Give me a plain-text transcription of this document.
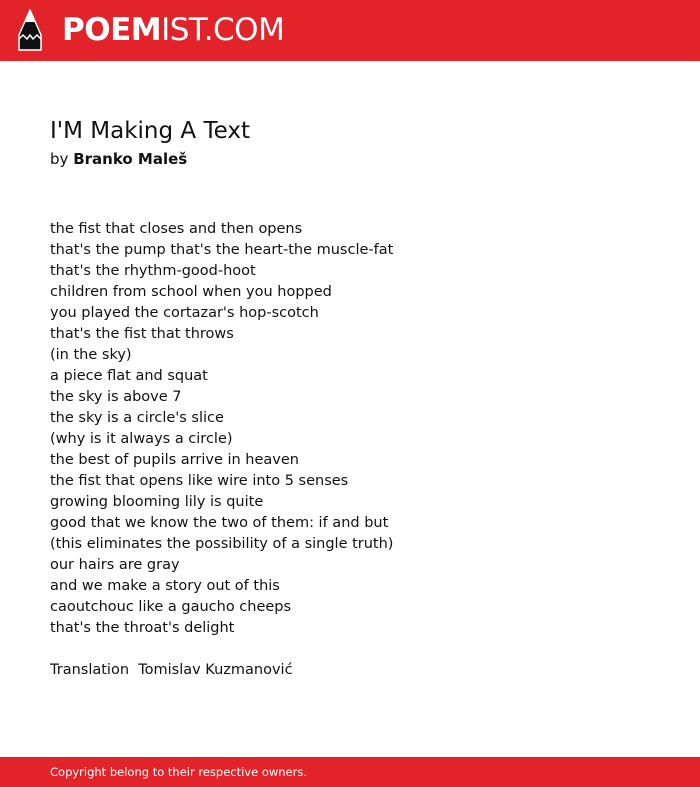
POEMIST.COM
I'M Making A Text
by Branko Maleš
the fist that closes and then opens
that's the pump that's the heart-the muscle-fat
that's the rhythm-good-hoot
children from school when you hopped
you played the cortazar's hop-scotch
that's the fist that throws
(in the sky)
a piece flat and squat
the sky is above 7
the sky is a circle's slice
(why is it always a circle)
the best of pupils arrive in heaven
the fist that opens like wire into 5 senses
growing blooming lily is quite
good that we know the two of them: if and but
(this eliminates the possibility of a single truth)
our hairs are gray
and we make a story out of this
caoutchouc like a gaucho cheeps
that's the throat's delight
Translation  Tomislav Kuzmanović
Copyright belong to their respective owners.
